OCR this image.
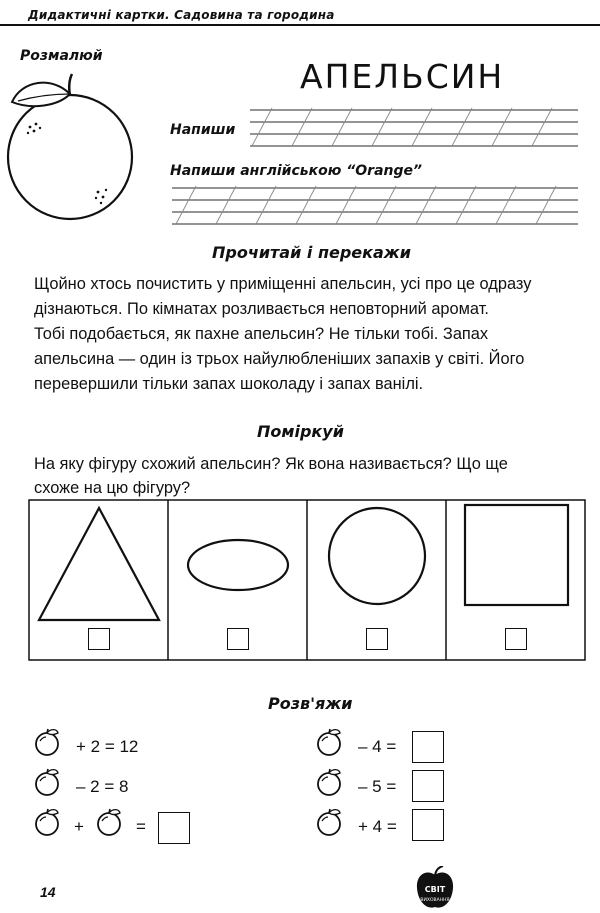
Дидактичні картки. Садовина та городина
Розмалюй
АПЕЛЬСИН
Напиши
Напиши англійською “Orange”
Прочитай і перекажи
Щойно хтось почистить у приміщенні апельсин, усі про це одразу
дізнаються. По кімнатах розливається неповторний аромат.
Тобі подобається, як пахне апельсин? Не тільки тобі. Запах
апельсина — один із трьох найулюбленіших запахів у світі. Його
перевершили тільки запах шоколаду і запах ванілі.
Поміркуй
На яку фігуру схожий апельсин? Як вона називається? Що ще
схоже на цю фігуру?
Розв'яжи
+ 2 = 12
– 2 = 8
+	=
– 4 =
– 5 =
+ 4 =
14	СВІТ
ВИХОВАННЯ
